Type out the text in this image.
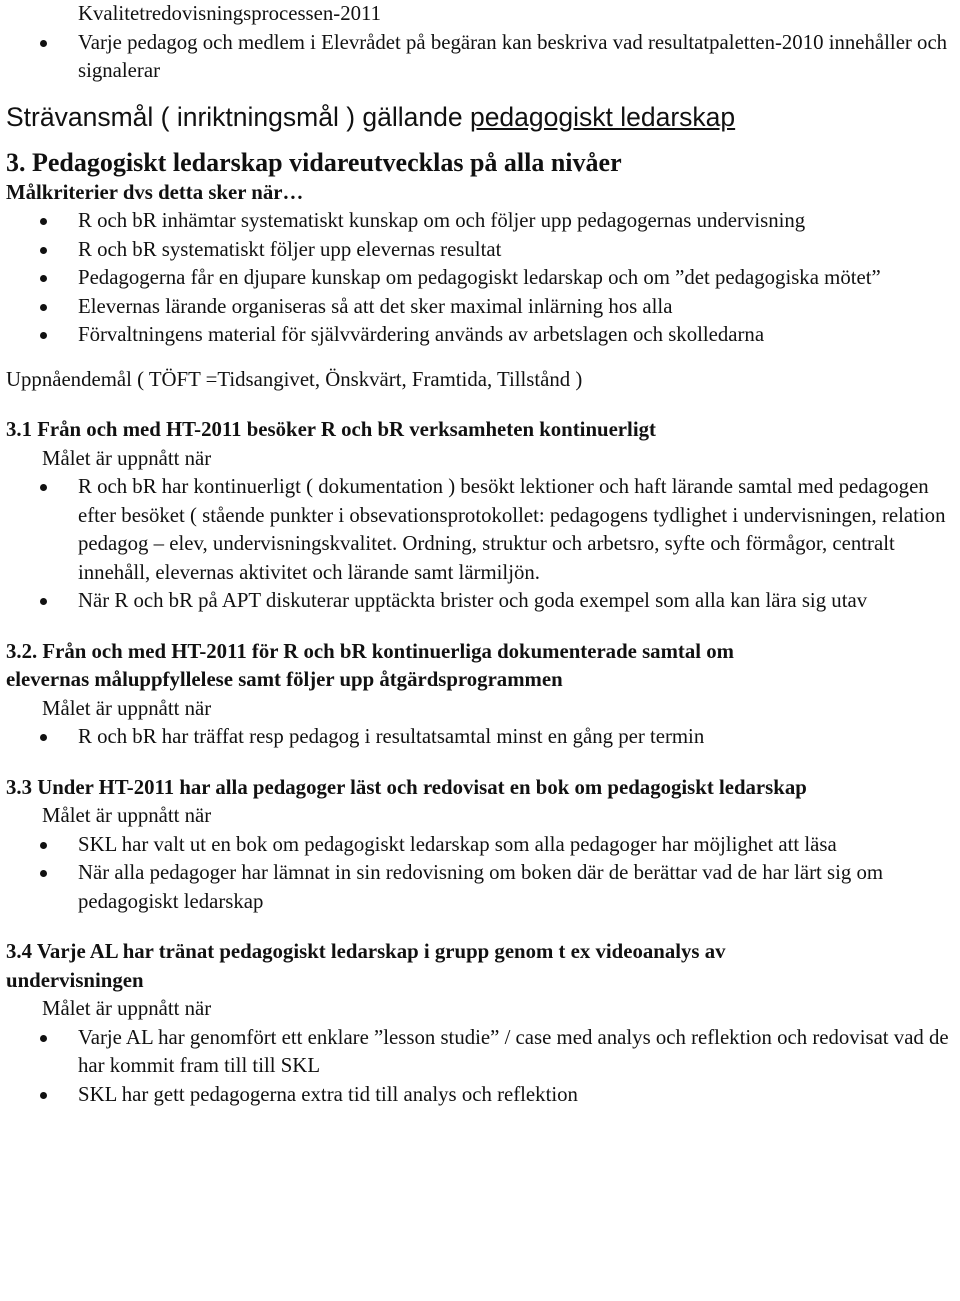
Kvalitetredovisningsprocessen-2011

Varje pedagog och medlem i Elevrådet på begäran kan beskriva vad resultatpaletten-2010 innehåller och signalerar

Strävansmål ( inriktningsmål ) gällande pedagogiskt ledarskap

3. Pedagogiskt ledarskap vidareutvecklas på alla nivåer

Målkriterier dvs detta sker när…

R och bR inhämtar systematiskt kunskap om och följer upp pedagogernas undervisning
R och bR systematiskt följer upp elevernas resultat
Pedagogerna får en djupare kunskap om pedagogiskt ledarskap och om ”det pedagogiska mötet”
Elevernas lärande organiseras så att det sker maximal inlärning hos alla
Förvaltningens material för självvärdering används av arbetslagen och skolledarna

Uppnåendemål ( TÖFT =Tidsangivet, Önskvärt, Framtida, Tillstånd )

3.1 Från och med HT-2011 besöker R och bR verksamheten kontinuerligt

Målet är uppnått när

R och bR har kontinuerligt ( dokumentation ) besökt lektioner och haft lärande samtal med pedagogen efter besöket ( stående punkter i obsevationsprotokollet: pedagogens tydlighet i undervisningen, relation pedagog – elev, undervisningskvalitet. Ordning, struktur och arbetsro, syfte och förmågor, centralt innehåll, elevernas aktivitet och lärande samt lärmiljön.
När R och bR på APT diskuterar upptäckta brister och goda exempel som alla kan lära sig utav

3.2. Från och med HT-2011 för R och bR kontinuerliga dokumenterade samtal om

elevernas måluppfyllelese samt följer upp åtgärdsprogrammen

Målet är uppnått när

R och bR har träffat resp pedagog i resultatsamtal minst en gång per termin

3.3 Under HT-2011 har alla pedagoger läst och redovisat en bok om pedagogiskt ledarskap

Målet är uppnått när

SKL har valt ut en bok om pedagogiskt ledarskap som alla pedagoger har möjlighet att läsa
När alla pedagoger har lämnat in sin redovisning om boken där de berättar vad de har lärt sig om pedagogiskt ledarskap

3.4 Varje AL har tränat pedagogiskt ledarskap i grupp genom t ex videoanalys av

undervisningen

Målet är uppnått när

Varje AL har genomfört ett enklare ”lesson studie” / case med analys och reflektion och redovisat vad de har kommit fram till till SKL
SKL har gett pedagogerna extra tid till analys och reflektion
